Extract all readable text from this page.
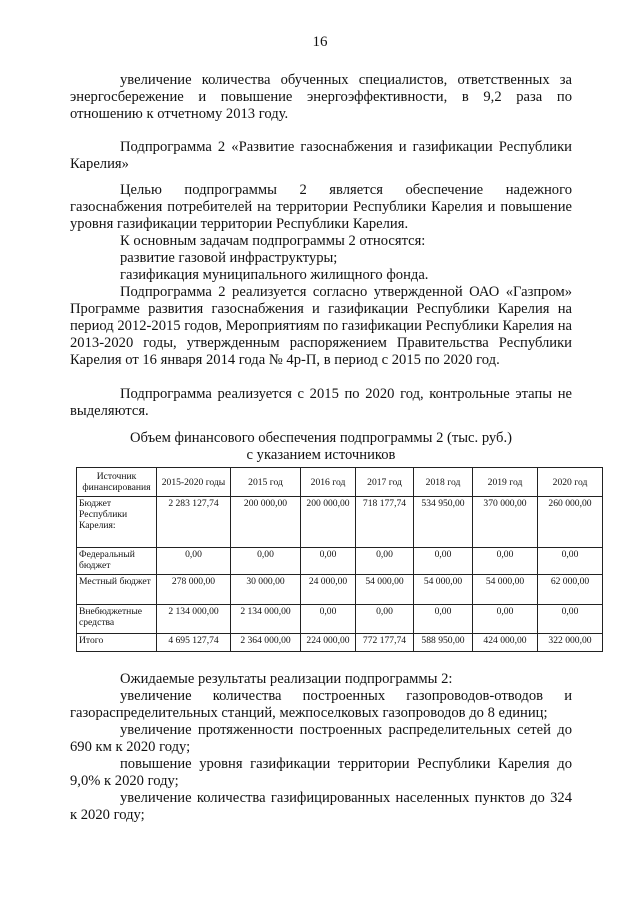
16
увеличение количества обученных специалистов, ответственных за
энергосбережение и повышение энергоэффективности, в 9,2 раза по
отношению к отчетному 2013 году.
Подпрограмма 2 «Развитие газоснабжения и газификации Республики
Карелия»
Целью подпрограммы 2 является обеспечение надежного газоснабжения потребителей на территории Республики Карелия и повышение уровня газификации территории Республики Карелия.
К основным задачам подпрограммы 2 относятся:
развитие газовой инфраструктуры;
газификация муниципального жилищного фонда.
Подпрограмма 2 реализуется согласно утвержденной ОАО «Газпром» Программе развития газоснабжения и газификации Республики Карелия на период 2012-2015 годов, Мероприятиям по газификации Республики Карелия на 2013-2020 годы, утвержденным распоряжением Правительства Республики Карелия от 16 января 2014 года № 4р-П, в период с 2015 по 2020 год.
Подпрограмма реализуется с 2015 по 2020 год, контрольные этапы не выделяются.
Объем финансового обеспечения подпрограммы 2 (тыс. руб.)
с указанием источников
Источник финансирования	2015-2020 годы	2015 год	2016 год	2017 год	2018 год	2019 год	2020 год
Бюджет Республики Карелия:	2 283 127,74	200 000,00	200 000,00	718 177,74	534 950,00	370 000,00	260 000,00
Федеральный бюджет	0,00	0,00	0,00	0,00	0,00	0,00	0,00
Местный бюджет	278 000,00	30 000,00	24 000,00	54 000,00	54 000,00	54 000,00	62 000,00
Внебюджетные средства	2 134 000,00	2 134 000,00	0,00	0,00	0,00	0,00	0,00
Итого	4 695 127,74	2 364 000,00	224 000,00	772 177,74	588 950,00	424 000,00	322 000,00
Ожидаемые результаты реализации подпрограммы 2:
увеличение количества построенных газопроводов-отводов и газораспределительных станций, межпоселковых газопроводов до 8 единиц;
увеличение протяженности построенных распределительных сетей до 690 км к 2020 году;
повышение уровня газификации территории Республики Карелия до 9,0% к 2020 году;
увеличение количества газифицированных населенных пунктов до 324 к 2020 году;
